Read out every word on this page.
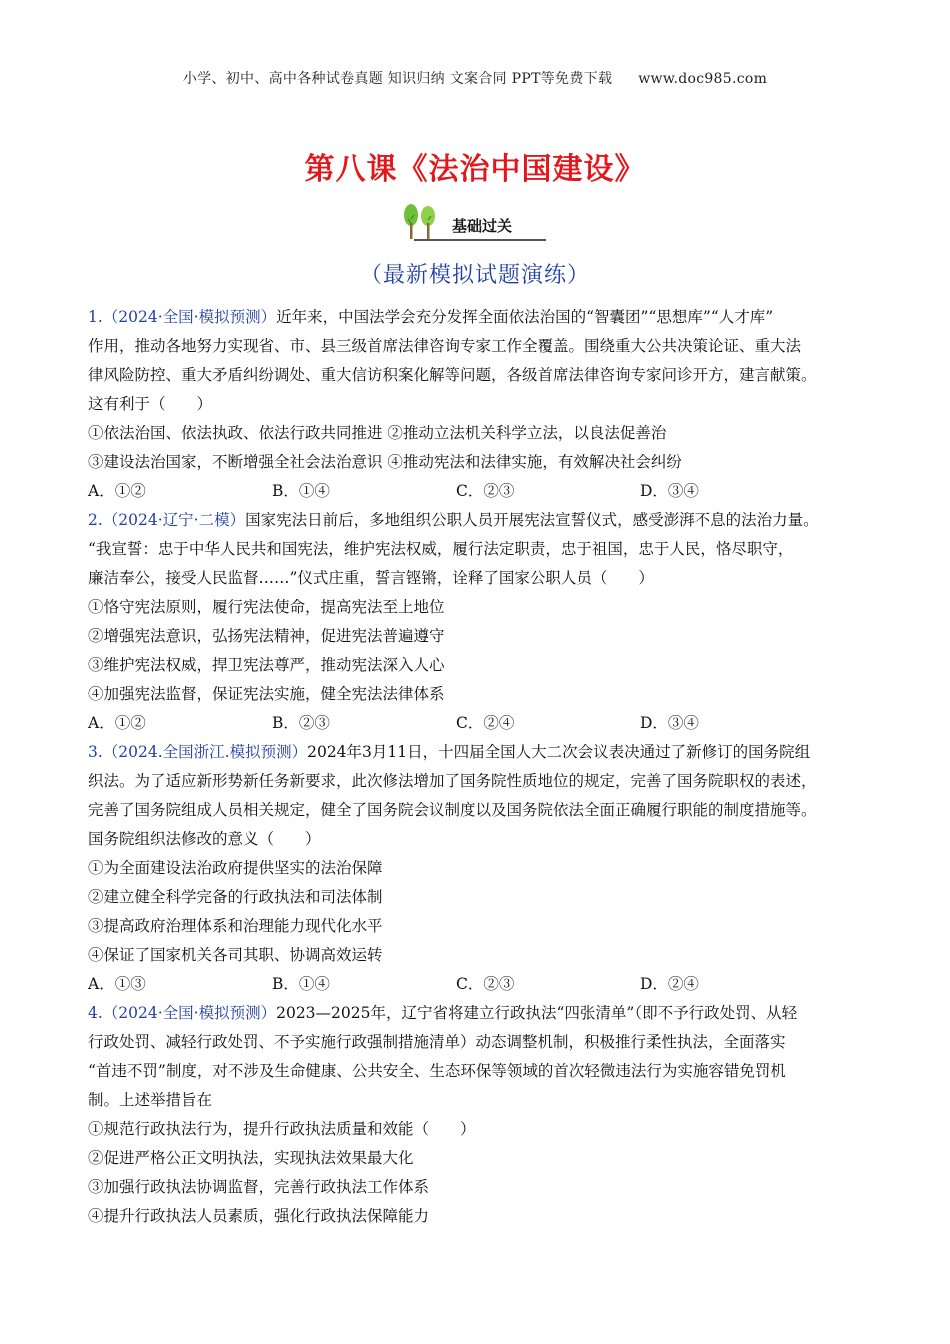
小学、初中、高中各种试卷真题 知识归纳 文案合同 PPT等免费下载 www.doc985.com
第八课《法治中国建设》
基础过关
（最新模拟试题演练）
1.（2024·全国·模拟预测）近年来，中国法学会充分发挥全面依法治国的“智囊团”“思想库”“人才库”
作用，推动各地努力实现省、市、县三级首席法律咨询专家工作全覆盖。围绕重大公共决策论证、重大法
律风险防控、重大矛盾纠纷调处、重大信访积案化解等问题，各级首席法律咨询专家问诊开方，建言献策。
这有利于（　　）
①依法治国、依法执政、依法行政共同推进 ②推动立法机关科学立法，以良法促善治
③建设法治国家，不断增强全社会法治意识 ④推动宪法和法律实施，有效解决社会纠纷
A．①②	B．①④	C．②③	D．③④
2.（2024·辽宁·二模）国家宪法日前后，多地组织公职人员开展宪法宣誓仪式，感受澎湃不息的法治力量。
“我宣誓：忠于中华人民共和国宪法，维护宪法权威，履行法定职责，忠于祖国，忠于人民，恪尽职守，
廉洁奉公，接受人民监督……”仪式庄重，誓言铿锵，诠释了国家公职人员（　　）
①恪守宪法原则，履行宪法使命，提高宪法至上地位
②增强宪法意识，弘扬宪法精神，促进宪法普遍遵守
③维护宪法权威，捍卫宪法尊严，推动宪法深入人心
④加强宪法监督，保证宪法实施，健全宪法法律体系
A．①②	B．②③	C．②④	D．③④
3.（2024.全国浙江.模拟预测）2024年3月11日，十四届全国人大二次会议表决通过了新修订的国务院组
织法。为了适应新形势新任务新要求，此次修法增加了国务院性质地位的规定，完善了国务院职权的表述，
完善了国务院组成人员相关规定，健全了国务院会议制度以及国务院依法全面正确履行职能的制度措施等。
国务院组织法修改的意义（　　）
①为全面建设法治政府提供坚实的法治保障
②建立健全科学完备的行政执法和司法体制
③提高政府治理体系和治理能力现代化水平
④保证了国家机关各司其职、协调高效运转
A．①③	B．①④	C．②③	D．②④
4.（2024·全国·模拟预测）2023—2025年，辽宁省将建立行政执法“四张清单”（即不予行政处罚、从轻
行政处罚、减轻行政处罚、不予实施行政强制措施清单）动态调整机制，积极推行柔性执法，全面落实
“首违不罚”制度，对不涉及生命健康、公共安全、生态环保等领域的首次轻微违法行为实施容错免罚机
制。上述举措旨在
①规范行政执法行为，提升行政执法质量和效能（　　）
②促进严格公正文明执法，实现执法效果最大化
③加强行政执法协调监督，完善行政执法工作体系
④提升行政执法人员素质，强化行政执法保障能力
